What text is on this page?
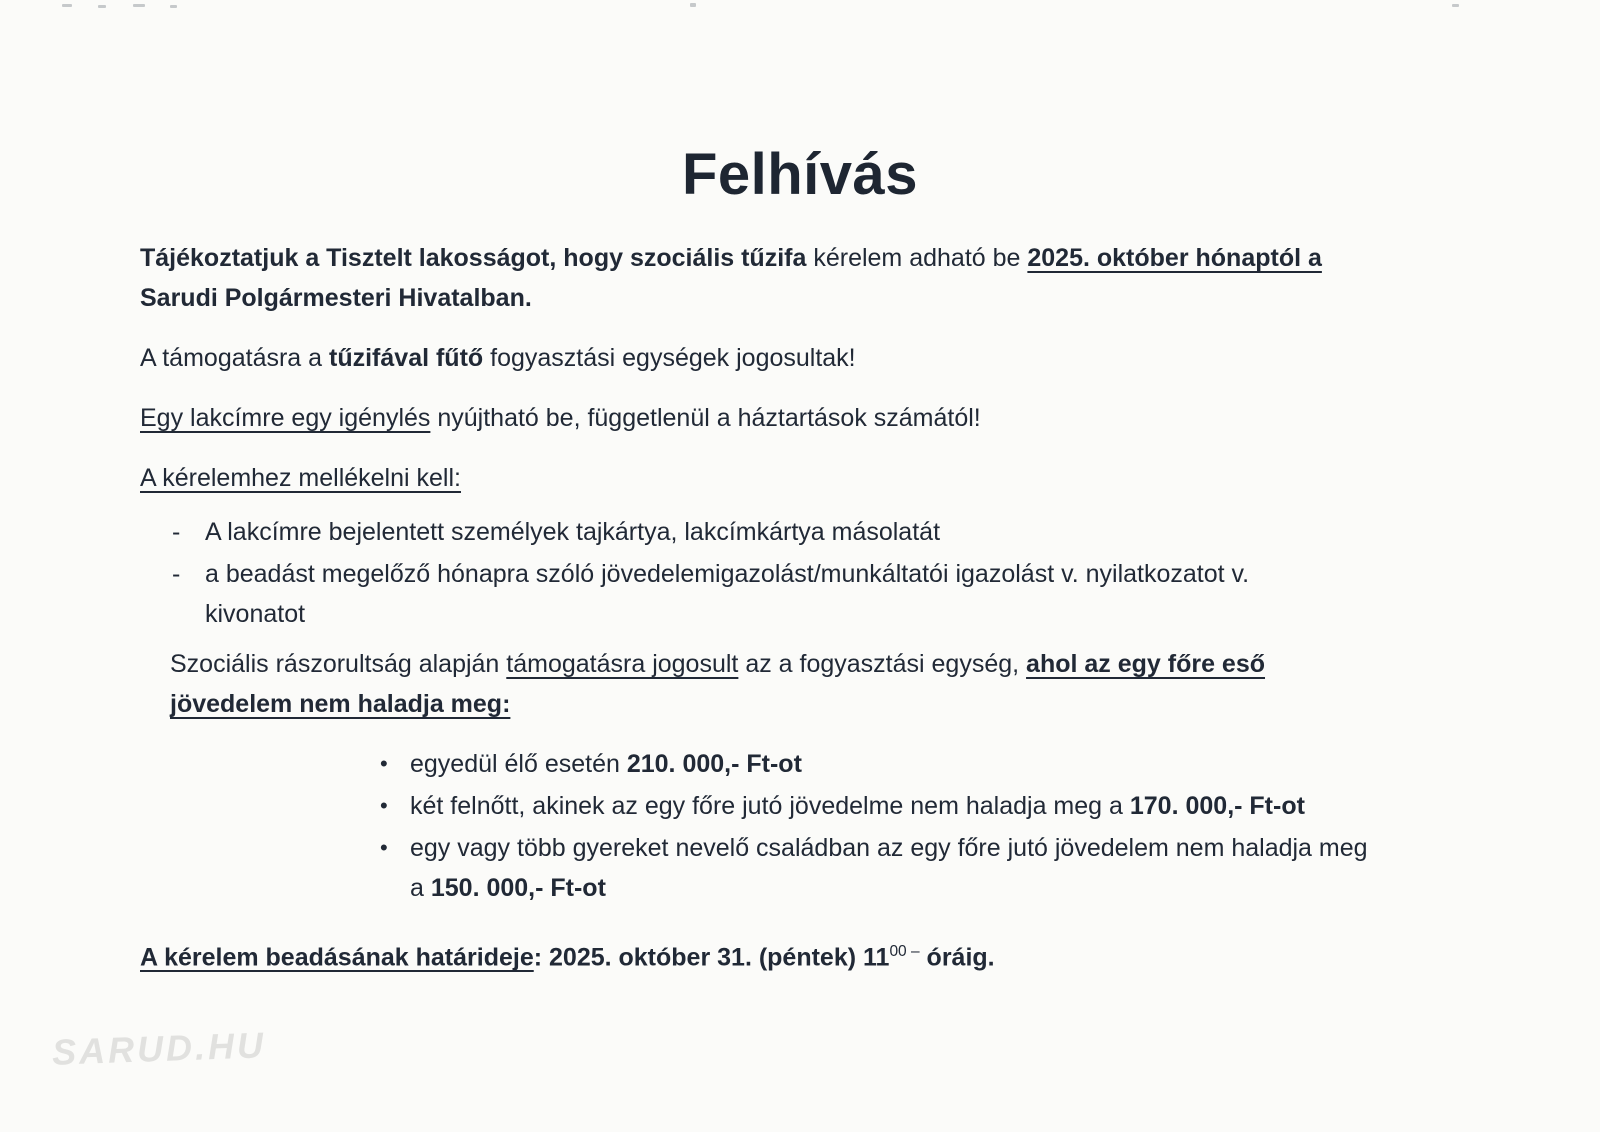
Felhívás

Tájékoztatjuk a Tisztelt lakosságot, hogy szociális tűzifa kérelem adható be 2025. október hónaptól a
Sarudi Polgármesteri Hivatalban.

A támogatásra a tűzifával fűtő fogyasztási egységek jogosultak!

Egy lakcímre egy igénylés nyújtható be, függetlenül a háztartások számától!

A kérelemhez mellékelni kell:

- A lakcímre bejelentett személyek tajkártya, lakcímkártya másolatát
- a beadást megelőző hónapra szóló jövedelemigazolást/munkáltatói igazolást v. nyilatkozatot v.
kivonatot

Szociális rászorultság alapján támogatásra jogosult az a fogyasztási egység, ahol az egy főre eső
jövedelem nem haladja meg:

• egyedül élő esetén 210. 000,- Ft-ot
• két felnőtt, akinek az egy főre jutó jövedelme nem haladja meg a 170. 000,- Ft-ot
• egy vagy több gyereket nevelő családban az egy főre jutó jövedelem nem haladja meg
a 150. 000,- Ft-ot

A kérelem beadásának határideje: 2025. október 31. (péntek) $11^{00 -}$ óráig.

SARUD.HU
